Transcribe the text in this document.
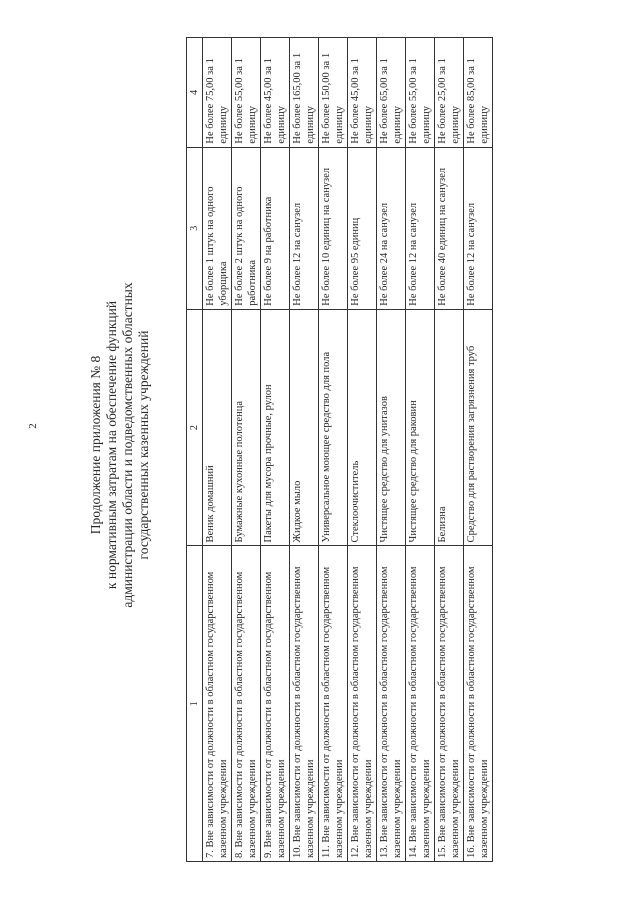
2	Продолжение приложения № 8 к нормативным затратам на обеспечение функций администрации области и подведомственных областных государственных казенных учреждений
1	2	3	4
7. Вне зависимости от должности в областном государственном казенном учреждении	Веник домашний	Не более 1 штук на одного уборщика	Не более 75,00 за 1 единицу
8. Вне зависимости от должности в областном государственном казенном учреждении	Бумажные кухонные полотенца	Не более 2 штук на одного работника	Не более 55,00 за 1 единицу
9. Вне зависимости от должности в областном государственном казенном учреждении	Пакеты для мусора прочные, рулон	Не более 9 на работника	Не более 45,00 за 1 единицу
10. Вне зависимости от должности в областном государственном казенном учреждении	Жидкое мыло	Не более 12 на санузел	Не более 165,00 за 1 единицу
11. Вне зависимости от должности в областном государственном казенном учреждении	Универсальное моющее средство для пола	Не более 10 единиц на санузел	Не более 150,00 за 1 единицу
12. Вне зависимости от должности в областном государственном казенном учреждении	Стеклоочиститель	Не более 95 единиц	Не более 45,00 за 1 единицу
13. Вне зависимости от должности в областном государственном казенном учреждении	Чистящее средство для унитазов	Не более 24 на санузел	Не более 65,00 за 1 единицу
14. Вне зависимости от должности в областном государственном казенном учреждении	Чистящее средство для раковин	Не более 12 на санузел	Не более 55,00 за 1 единицу
15. Вне зависимости от должности в областном государственном казенном учреждении	Белизна	Не более 40 единиц на санузел	Не более 25,00 за 1 единицу
16. Вне зависимости от должности в областном государственном казенном учреждении	Средство для растворения загрязнения труб	Не более 12 на санузел	Не более 85,00 за 1 единицу
